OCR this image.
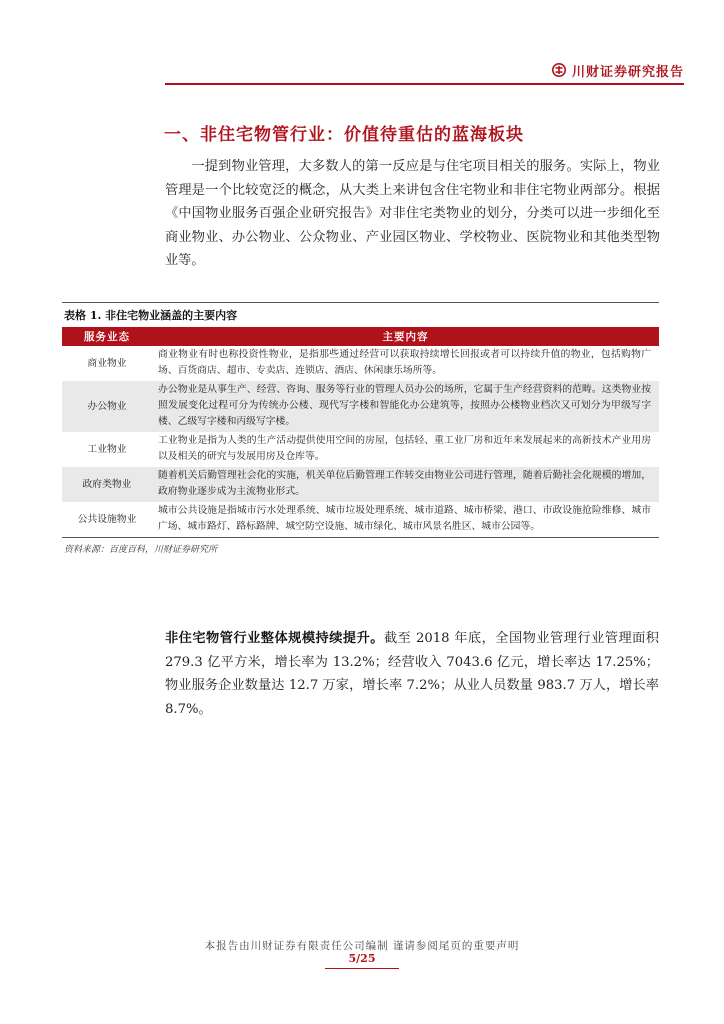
川财证券研究报告
一、非住宅物管行业：价值待重估的蓝海板块

一提到物业管理，大多数人的第一反应是与住宅项目相关的服务。实际上，物业管理是一个比较宽泛的概念，从大类上来讲包含住宅物业和非住宅物业两部分。根据《中国物业服务百强企业研究报告》对非住宅类物业的划分，分类可以进一步细化至商业物业、办公物业、公众物业、产业园区物业、学校物业、医院物业和其他类型物业等。

表格 1. 非住宅物业涵盖的主要内容
服务业态	主要内容
商业物业	商业物业有时也称投资性物业，是指那些通过经营可以获取持续增长回报或者可以持续升值的物业，包括购物广场、百货商店、超市、专卖店、连锁店、酒店、休闲康乐场所等。
办公物业	办公物业是从事生产、经营、咨询、服务等行业的管理人员办公的场所，它属于生产经营资料的范畴。这类物业按照发展变化过程可分为传统办公楼、现代写字楼和智能化办公建筑等，按照办公楼物业档次又可划分为甲级写字楼、乙级写字楼和丙级写字楼。
工业物业	工业物业是指为人类的生产活动提供使用空间的房屋，包括轻、重工业厂房和近年来发展起来的高新技术产业用房以及相关的研究与发展用房及仓库等。
政府类物业	随着机关后勤管理社会化的实施，机关单位后勤管理工作转交由物业公司进行管理，随着后勤社会化规模的增加，政府物业逐步成为主流物业形式。
公共设施物业	城市公共设施是指城市污水处理系统、城市垃圾处理系统、城市道路、城市桥梁、港口、市政设施抢险维修、城市广场、城市路灯、路标路牌、城空防空设施、城市绿化、城市风景名胜区、城市公园等。
资料来源：百度百科，川财证券研究所

非住宅物管行业整体规模持续提升。截至 2018 年底，全国物业管理行业管理面积 279.3 亿平方米，增长率为 13.2%；经营收入 7043.6 亿元，增长率达 17.25%；物业服务企业数量达 12.7 万家，增长率 7.2%；从业人员数量 983.7 万人，增长率 8.7%。

本报告由川财证券有限责任公司编制 谨请参阅尾页的重要声明
5/25
